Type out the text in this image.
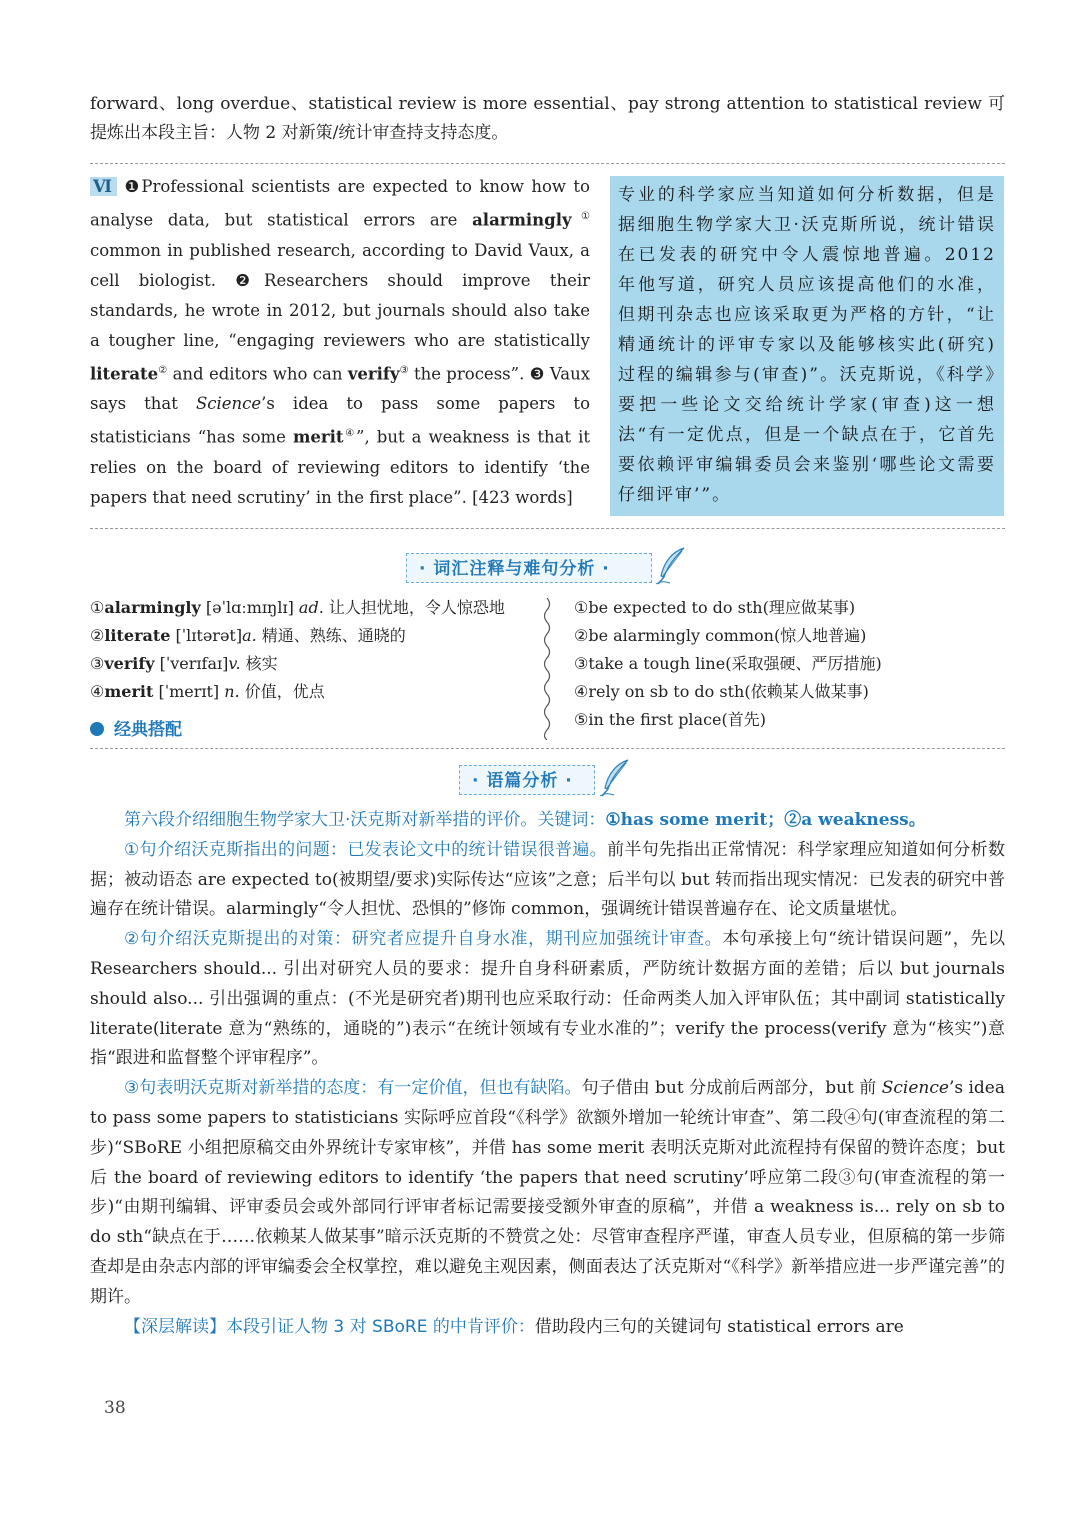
forward、long overdue、statistical review is more essential、pay strong attention to statistical review 可提炼出本段主旨：人物 2 对新策/统计审查持支持态度。

Ⅵ ❶Professional scientists are expected to know how to analyse data, but statistical errors are alarmingly① common in published research, according to David Vaux, a cell biologist. ❷Researchers should improve their standards, he wrote in 2012, but journals should also take a tougher line, “engaging reviewers who are statistically literate② and editors who can verify③ the process”. ❸ Vaux says that Science’s idea to pass some papers to statisticians “has some merit④”, but a weakness is that it relies on the board of reviewing editors to identify ‘the papers that need scrutiny’ in the first place”. [423 words]

专业的科学家应当知道如何分析数据，但是据细胞生物学家大卫·沃克斯所说，统计错误在已发表的研究中令人震惊地普遍。2012 年他写道，研究人员应该提高他们的水准，但期刊杂志也应该采取更为严格的方针，“让精通统计的评审专家以及能够核实此(研究)过程的编辑参与(审查)”。沃克斯说，《科学》要把一些论文交给统计学家(审查)这一想法“有一定优点，但是一个缺点在于，它首先要依赖评审编辑委员会来鉴别‘哪些论文需要仔细评审’”。
· 词汇注释与难句分析 ·
①alarmingly [əˈlɑːmɪŋlɪ] ad. 让人担忧地，令人惊恐地
②literate [ˈlɪtərət]a. 精通、熟练、通晓的
③verify [ˈverɪfaɪ]v. 核实
④merit [ˈmerɪt] n. 价值，优点
①be expected to do sth(理应做某事)
②be alarmingly common(惊人地普遍)
③take a tough line(采取强硬、严厉措施)
④rely on sb to do sth(依赖某人做某事)
⑤in the first place(首先)
经典搭配
· 语篇分析 ·

第六段介绍细胞生物学家大卫·沃克斯对新举措的评价。关键词：①has some merit；②a weakness。

①句介绍沃克斯指出的问题：已发表论文中的统计错误很普遍。前半句先指出正常情况：科学家理应知道如何分析数据；被动语态 are expected to(被期望/要求)实际传达“应该”之意；后半句以 but 转而指出现实情况：已发表的研究中普遍存在统计错误。alarmingly“令人担忧、恐惧的”修饰 common，强调统计错误普遍存在、论文质量堪忧。

②句介绍沃克斯提出的对策：研究者应提升自身水准，期刊应加强统计审查。本句承接上句“统计错误问题”，先以 Researchers should... 引出对研究人员的要求：提升自身科研素质，严防统计数据方面的差错；后以 but journals should also... 引出强调的重点：(不光是研究者)期刊也应采取行动：任命两类人加入评审队伍；其中副词 statistically literate(literate 意为“熟练的，通晓的”)表示“在统计领域有专业水准的”；verify the process(verify 意为“核实”)意指“跟进和监督整个评审程序”。

③句表明沃克斯对新举措的态度：有一定价值，但也有缺陷。句子借由 but 分成前后两部分，but 前 Science’s idea to pass some papers to statisticians 实际呼应首段“《科学》欲额外增加一轮统计审查”、第二段④句(审查流程的第二步)“SBoRE 小组把原稿交由外界统计专家审核”，并借 has some merit 表明沃克斯对此流程持有保留的赞许态度；but 后 the board of reviewing editors to identify ‘the papers that need scrutiny’呼应第二段③句(审查流程的第一步)“由期刊编辑、评审委员会或外部同行评审者标记需要接受额外审查的原稿”，并借 a weakness is... rely on sb to do sth“缺点在于……依赖某人做某事”暗示沃克斯的不赞赏之处：尽管审查程序严谨，审查人员专业，但原稿的第一步筛查却是由杂志内部的评审编委会全权掌控，难以避免主观因素，侧面表达了沃克斯对“《科学》新举措应进一步严谨完善”的期许。

【深层解读】本段引证人物 3 对 SBoRE 的中肯评价：借助段内三句的关键词句 statistical errors are

38
